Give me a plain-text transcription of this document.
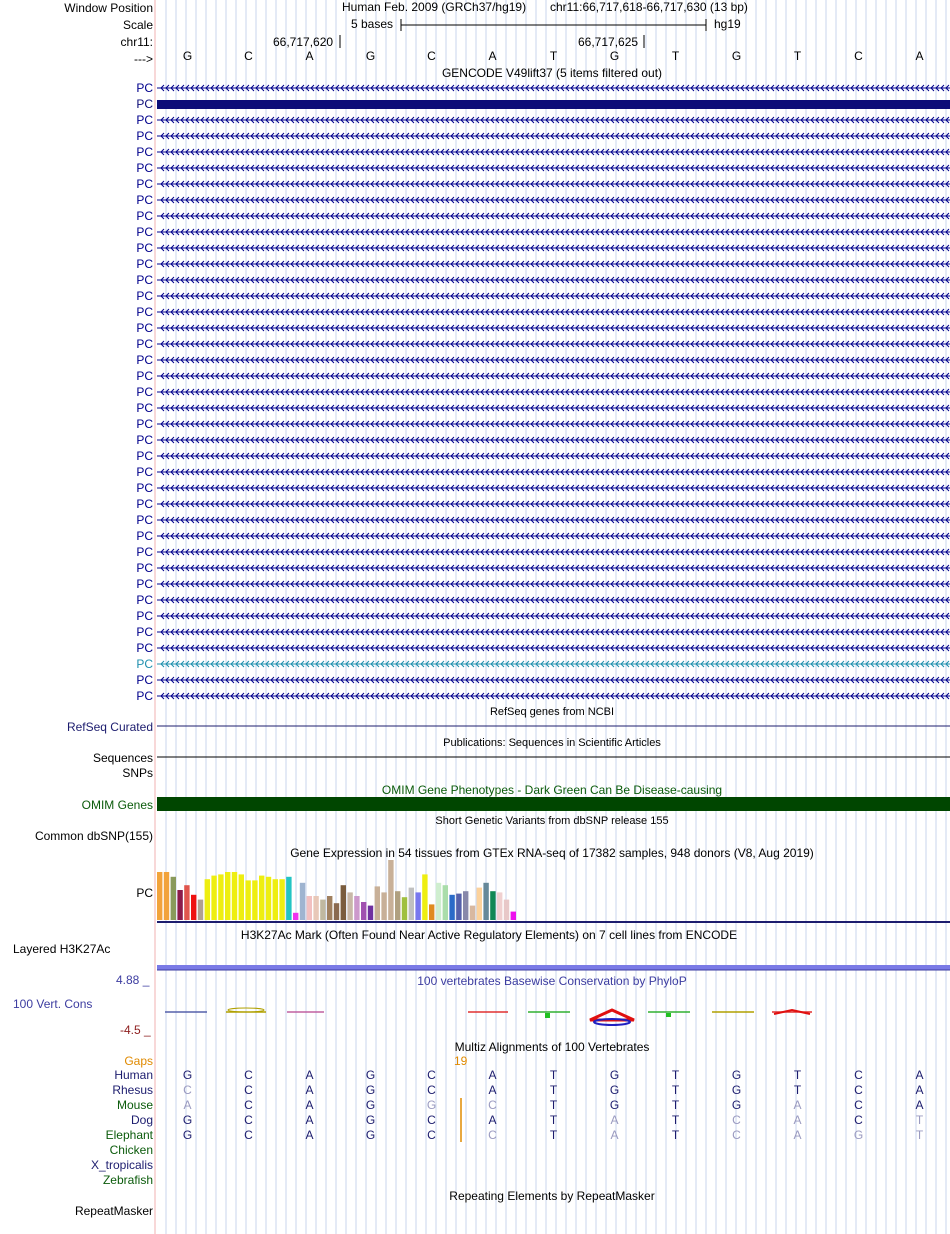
Window Position
Scale
chr11:
--->
Human Feb. 2009 (GRCh37/hg19) chr11:66,717,618-66,717,630 (13 bp)
5 bases	hg19
66,717,620	66,717,625
G	C	A	G	C	A	T	G	T	G	T	C	A
GENCODE V49lift37 (5 items filtered out)
PC
PC
PC
PC
PC
PC
PC
PC
PC
PC
PC
PC
PC
PC
PC
PC
PC
PC
PC
PC
PC
PC
PC
PC
PC
PC
PC
PC
PC
PC
PC
PC
PC
PC
PC
PC
PC
PC
PC
RefSeq genes from NCBI
RefSeq Curated
Publications: Sequences in Scientific Articles
Sequences
SNPs
OMIM Gene Phenotypes - Dark Green Can Be Disease-causing
OMIM Genes
Short Genetic Variants from dbSNP release 155
Common dbSNP(155)
Gene Expression in 54 tissues from GTEx RNA-seq of 17382 samples, 948 donors (V8, Aug 2019)
PC
H3K27Ac Mark (Often Found Near Active Regulatory Elements) on 7 cell lines from ENCODE
Layered H3K27Ac
100 vertebrates Basewise Conservation by PhyloP
4.88 _
100 Vert. Cons
-4.5 _
Multiz Alignments of 100 Vertebrates
Gaps	19
Human G	C	A	G	C	A	T	G	T	G	T	C	A
Rhesus	C	C	A	G	C	A	T	G	T	G	T	C	A
Mouse	A	C	A	G	G	C	T	G	T	G	A	C	A
Dog G	C	A	G	C	A	T	A	T	C	A	C	T
Elephant G	C	A	G	C	C	T	A	T	C	A	G	T
Chicken
X_tropicalis
Zebrafish
Repeating Elements by RepeatMasker
RepeatMasker
